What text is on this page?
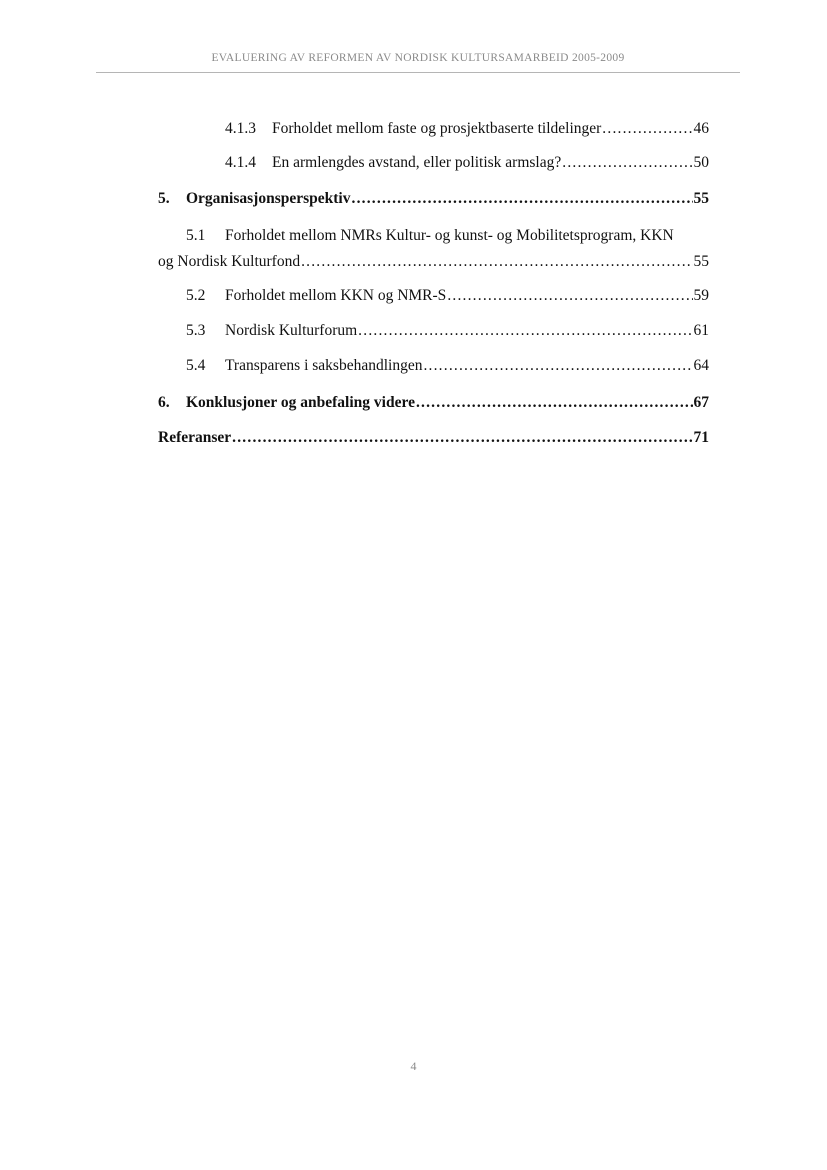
EVALUERING AV REFORMEN AV NORDISK KULTURSAMARBEID 2005-2009
4.1.3 Forholdet mellom faste og prosjektbaserte tildelinger .....	46
4.1.4 En armlengdes avstand, eller politisk armslag? .....	50
5. Organisasjonsperspektiv .....	55
5.1 Forholdet mellom NMRs Kultur- og kunst- og Mobilitetsprogram, KKN
og Nordisk Kulturfond .....	55
5.2 Forholdet mellom KKN og NMR-S .....	59
5.3 Nordisk Kulturforum .....	61
5.4 Transparens i saksbehandlingen .....	64
6. Konklusjoner og anbefaling videre .....	67
Referanser .....	71
4
